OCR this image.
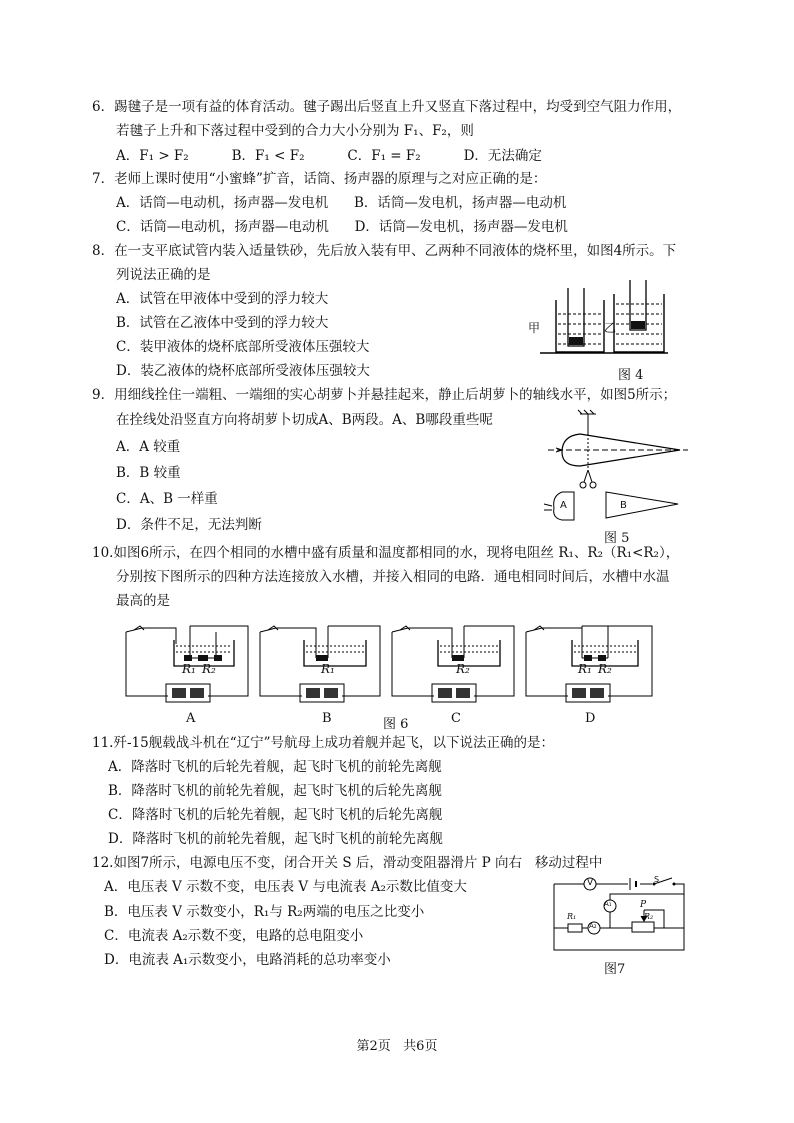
6．踢毽子是一项有益的体育活动。毽子踢出后竖直上升又竖直下落过程中，均受到空气阻力作用，
若毽子上升和下落过程中受到的合力大小分别为 F₁、F₂，则
A．F₁ > F₂          B．F₁ < F₂          C．F₁ = F₂          D．无法确定
7．老师上课时使用“小蜜蜂”扩音，话筒、扬声器的原理与之对应正确的是：
A．话筒—电动机，扬声器—发电机      B．话筒—发电机，扬声器—电动机
C．话筒—电动机，扬声器—电动机      D．话筒—发电机，扬声器—发电机
8．在一支平底试管内装入适量铁砂，先后放入装有甲、乙两种不同液体的烧杯里，如图4所示。下
列说法正确的是
A．试管在甲液体中受到的浮力较大
B．试管在乙液体中受到的浮力较大
C．装甲液体的烧杯底部所受液体压强较大
D．装乙液体的烧杯底部所受液体压强较大
甲	乙
图 4
9．用细线拴住一端粗、一端细的实心胡萝卜并悬挂起来，静止后胡萝卜的轴线水平，如图5所示；
在拴线处沿竖直方向将胡萝卜切成A、B两段。A、B哪段重些呢
A．A 较重
B．B 较重
C．A、B 一样重
D．条件不足，无法判断
A	B
图 5
10.如图6所示，在四个相同的水槽中盛有质量和温度都相同的水，现将电阻丝 R₁、R₂（R₁<R₂），
分别按下图所示的四种方法连接放入水槽，并接入相同的电路．通电相同时间后，水槽中水温
最高的是
R₁ R₂	R₁	R₂	R₁ R₂
A	B	图 6	C	D
11.歼-15舰载战斗机在“辽宁”号航母上成功着舰并起飞，以下说法正确的是：
A．降落时飞机的后轮先着舰，起飞时飞机的前轮先离舰
B．降落时飞机的前轮先着舰，起飞时飞机的后轮先离舰
C．降落时飞机的后轮先着舰，起飞时飞机的后轮先离舰
D．降落时飞机的前轮先着舰，起飞时飞机的前轮先离舰
12.如图7所示，电源电压不变，闭合开关 S 后，滑动变阻器滑片 P 向右   移动过程中
A．电压表 V 示数不变，电压表 V 与电流表 A₂示数比值变大
B．电压表 V 示数变小，R₁与 R₂两端的电压之比变小
C．电流表 A₂示数不变，电路的总电阻变小
D．电流表 A₁示数变小，电路消耗的总功率变小
V
A₁
A₂
S
P
R₁	R₂
图7
第2页   共6页
